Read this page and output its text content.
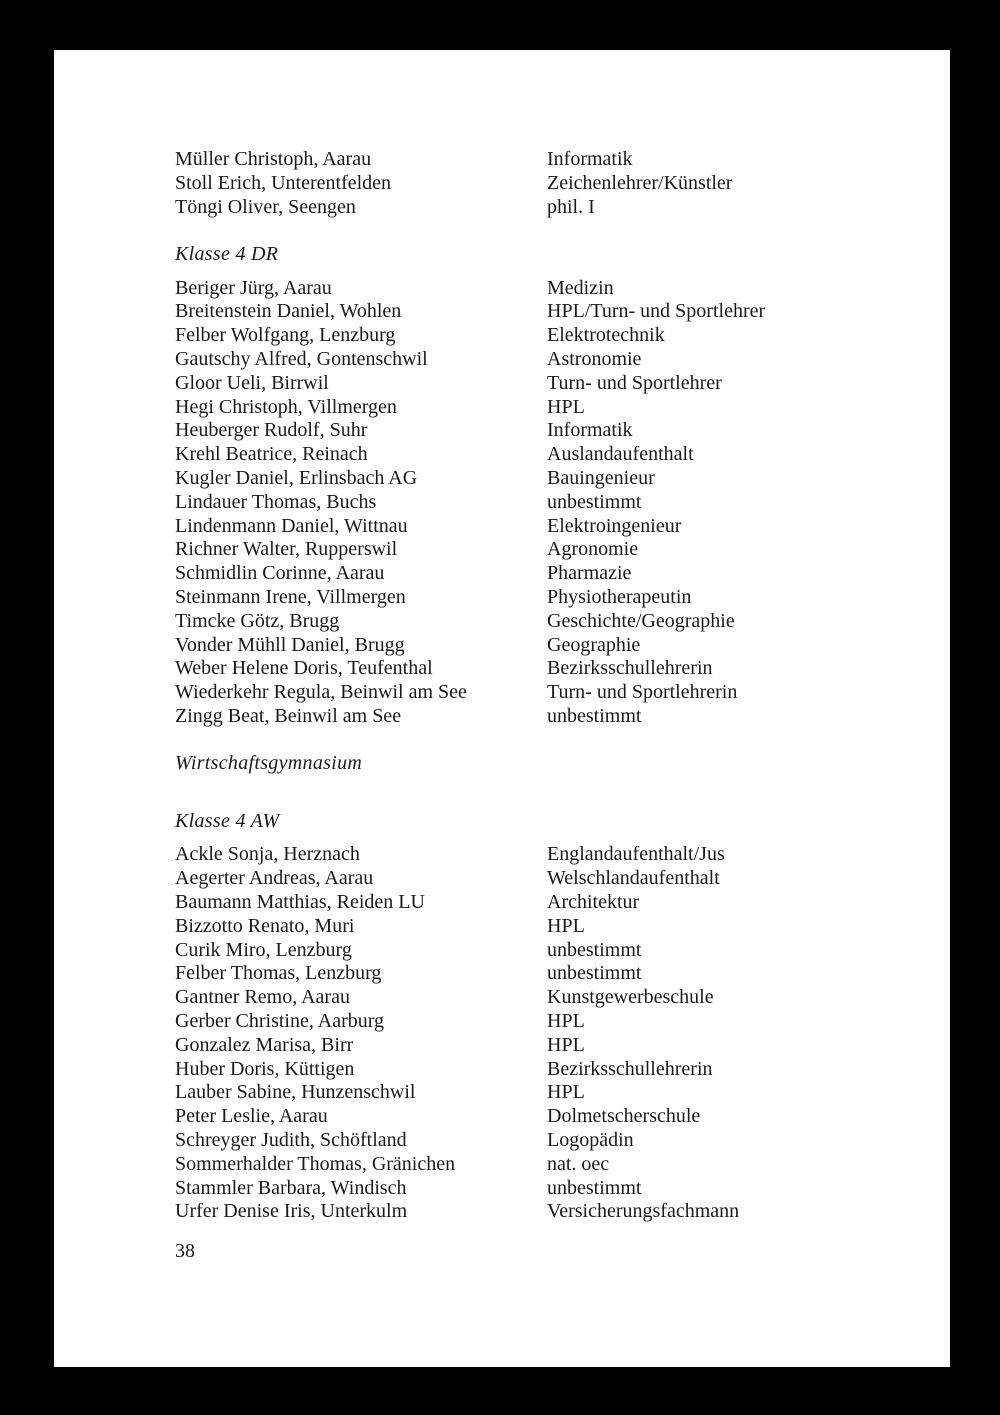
Müller Christoph, Aarau	Informatik
Stoll Erich, Unterentfelden	Zeichenlehrer/Künstler
Töngi Oliver, Seengen	phil. I
Klasse 4 DR
Beriger Jürg, Aarau	Medizin
Breitenstein Daniel, Wohlen	HPL/Turn- und Sportlehrer
Felber Wolfgang, Lenzburg	Elektrotechnik
Gautschy Alfred, Gontenschwil	Astronomie
Gloor Ueli, Birrwil	Turn- und Sportlehrer
Hegi Christoph, Villmergen	HPL
Heuberger Rudolf, Suhr	Informatik
Krehl Beatrice, Reinach	Auslandaufenthalt
Kugler Daniel, Erlinsbach AG	Bauingenieur
Lindauer Thomas, Buchs	unbestimmt
Lindenmann Daniel, Wittnau	Elektroingenieur
Richner Walter, Rupperswil	Agronomie
Schmidlin Corinne, Aarau	Pharmazie
Steinmann Irene, Villmergen	Physiotherapeutin
Timcke Götz, Brugg	Geschichte/Geographie
Vonder Mühll Daniel, Brugg	Geographie
Weber Helene Doris, Teufenthal	Bezirksschullehrerin
Wiederkehr Regula, Beinwil am See	Turn- und Sportlehrerin
Zingg Beat, Beinwil am See	unbestimmt
Wirtschaftsgymnasium
Klasse 4 AW
Ackle Sonja, Herznach	Englandaufenthalt/Jus
Aegerter Andreas, Aarau	Welschlandaufenthalt
Baumann Matthias, Reiden LU	Architektur
Bizzotto Renato, Muri	HPL
Curik Miro, Lenzburg	unbestimmt
Felber Thomas, Lenzburg	unbestimmt
Gantner Remo, Aarau	Kunstgewerbeschule
Gerber Christine, Aarburg	HPL
Gonzalez Marisa, Birr	HPL
Huber Doris, Küttigen	Bezirksschullehrerin
Lauber Sabine, Hunzenschwil	HPL
Peter Leslie, Aarau	Dolmetscherschule
Schreyger Judith, Schöftland	Logopädin
Sommerhalder Thomas, Gränichen	nat. oec
Stammler Barbara, Windisch	unbestimmt
Urfer Denise Iris, Unterkulm	Versicherungsfachmann
38
